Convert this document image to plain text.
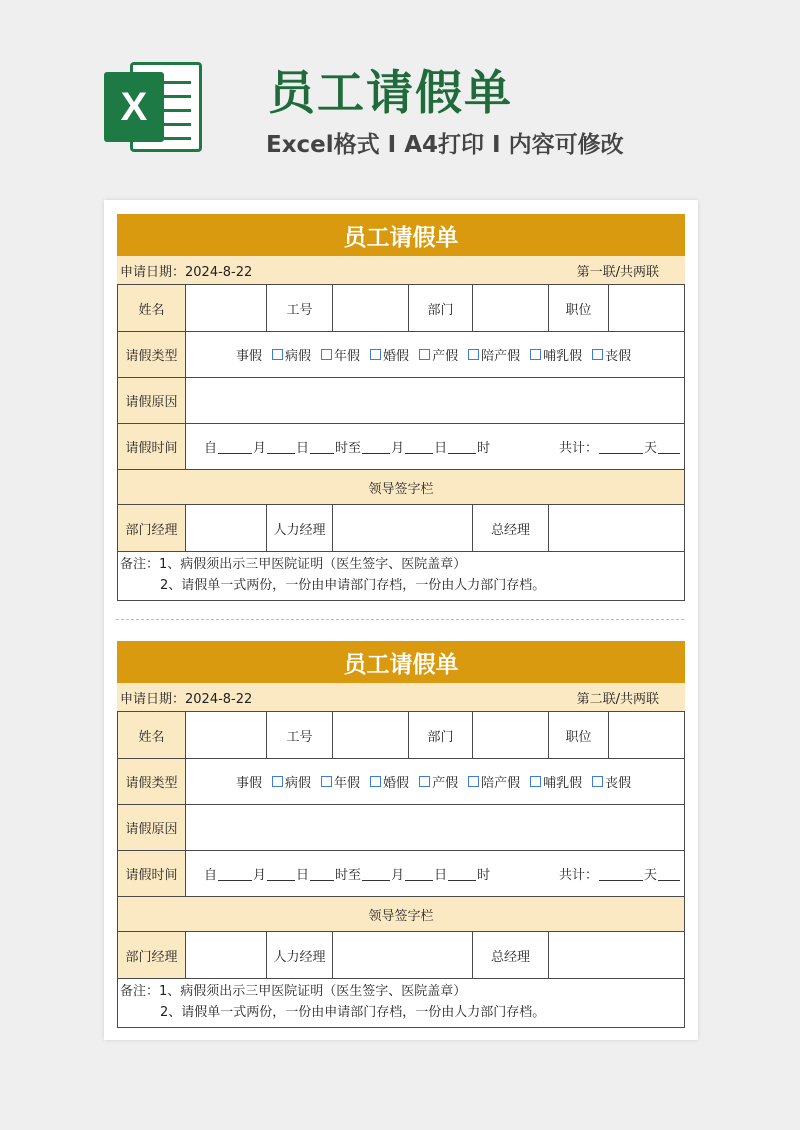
X	员工请假单
Excel格式 I A4打印 I 内容可修改
员工请假单
申请日期：2024-8-22	第一联/共两联
姓名	工号	部门	职位
请假类型	事假 病假 年假 婚假 产假 陪产假 哺乳假 丧假
请假原因
请假时间	自	月 日 时至 月 日 时	共计：	天
领导签字栏
部门经理	人力经理	总经理
备注：1、病假须出示三甲医院证明（医生签字、医院盖章）
2、请假单一式两份，一份由申请部门存档，一份由人力部门存档。
员工请假单
申请日期：2024-8-22	第二联/共两联
姓名	工号	部门	职位
请假类型	事假 病假 年假 婚假 产假 陪产假 哺乳假 丧假
请假原因
请假时间	自	月 日 时至 月 日 时	共计：	天
领导签字栏
部门经理	人力经理	总经理
备注：1、病假须出示三甲医院证明（医生签字、医院盖章）
2、请假单一式两份，一份由申请部门存档，一份由人力部门存档。
